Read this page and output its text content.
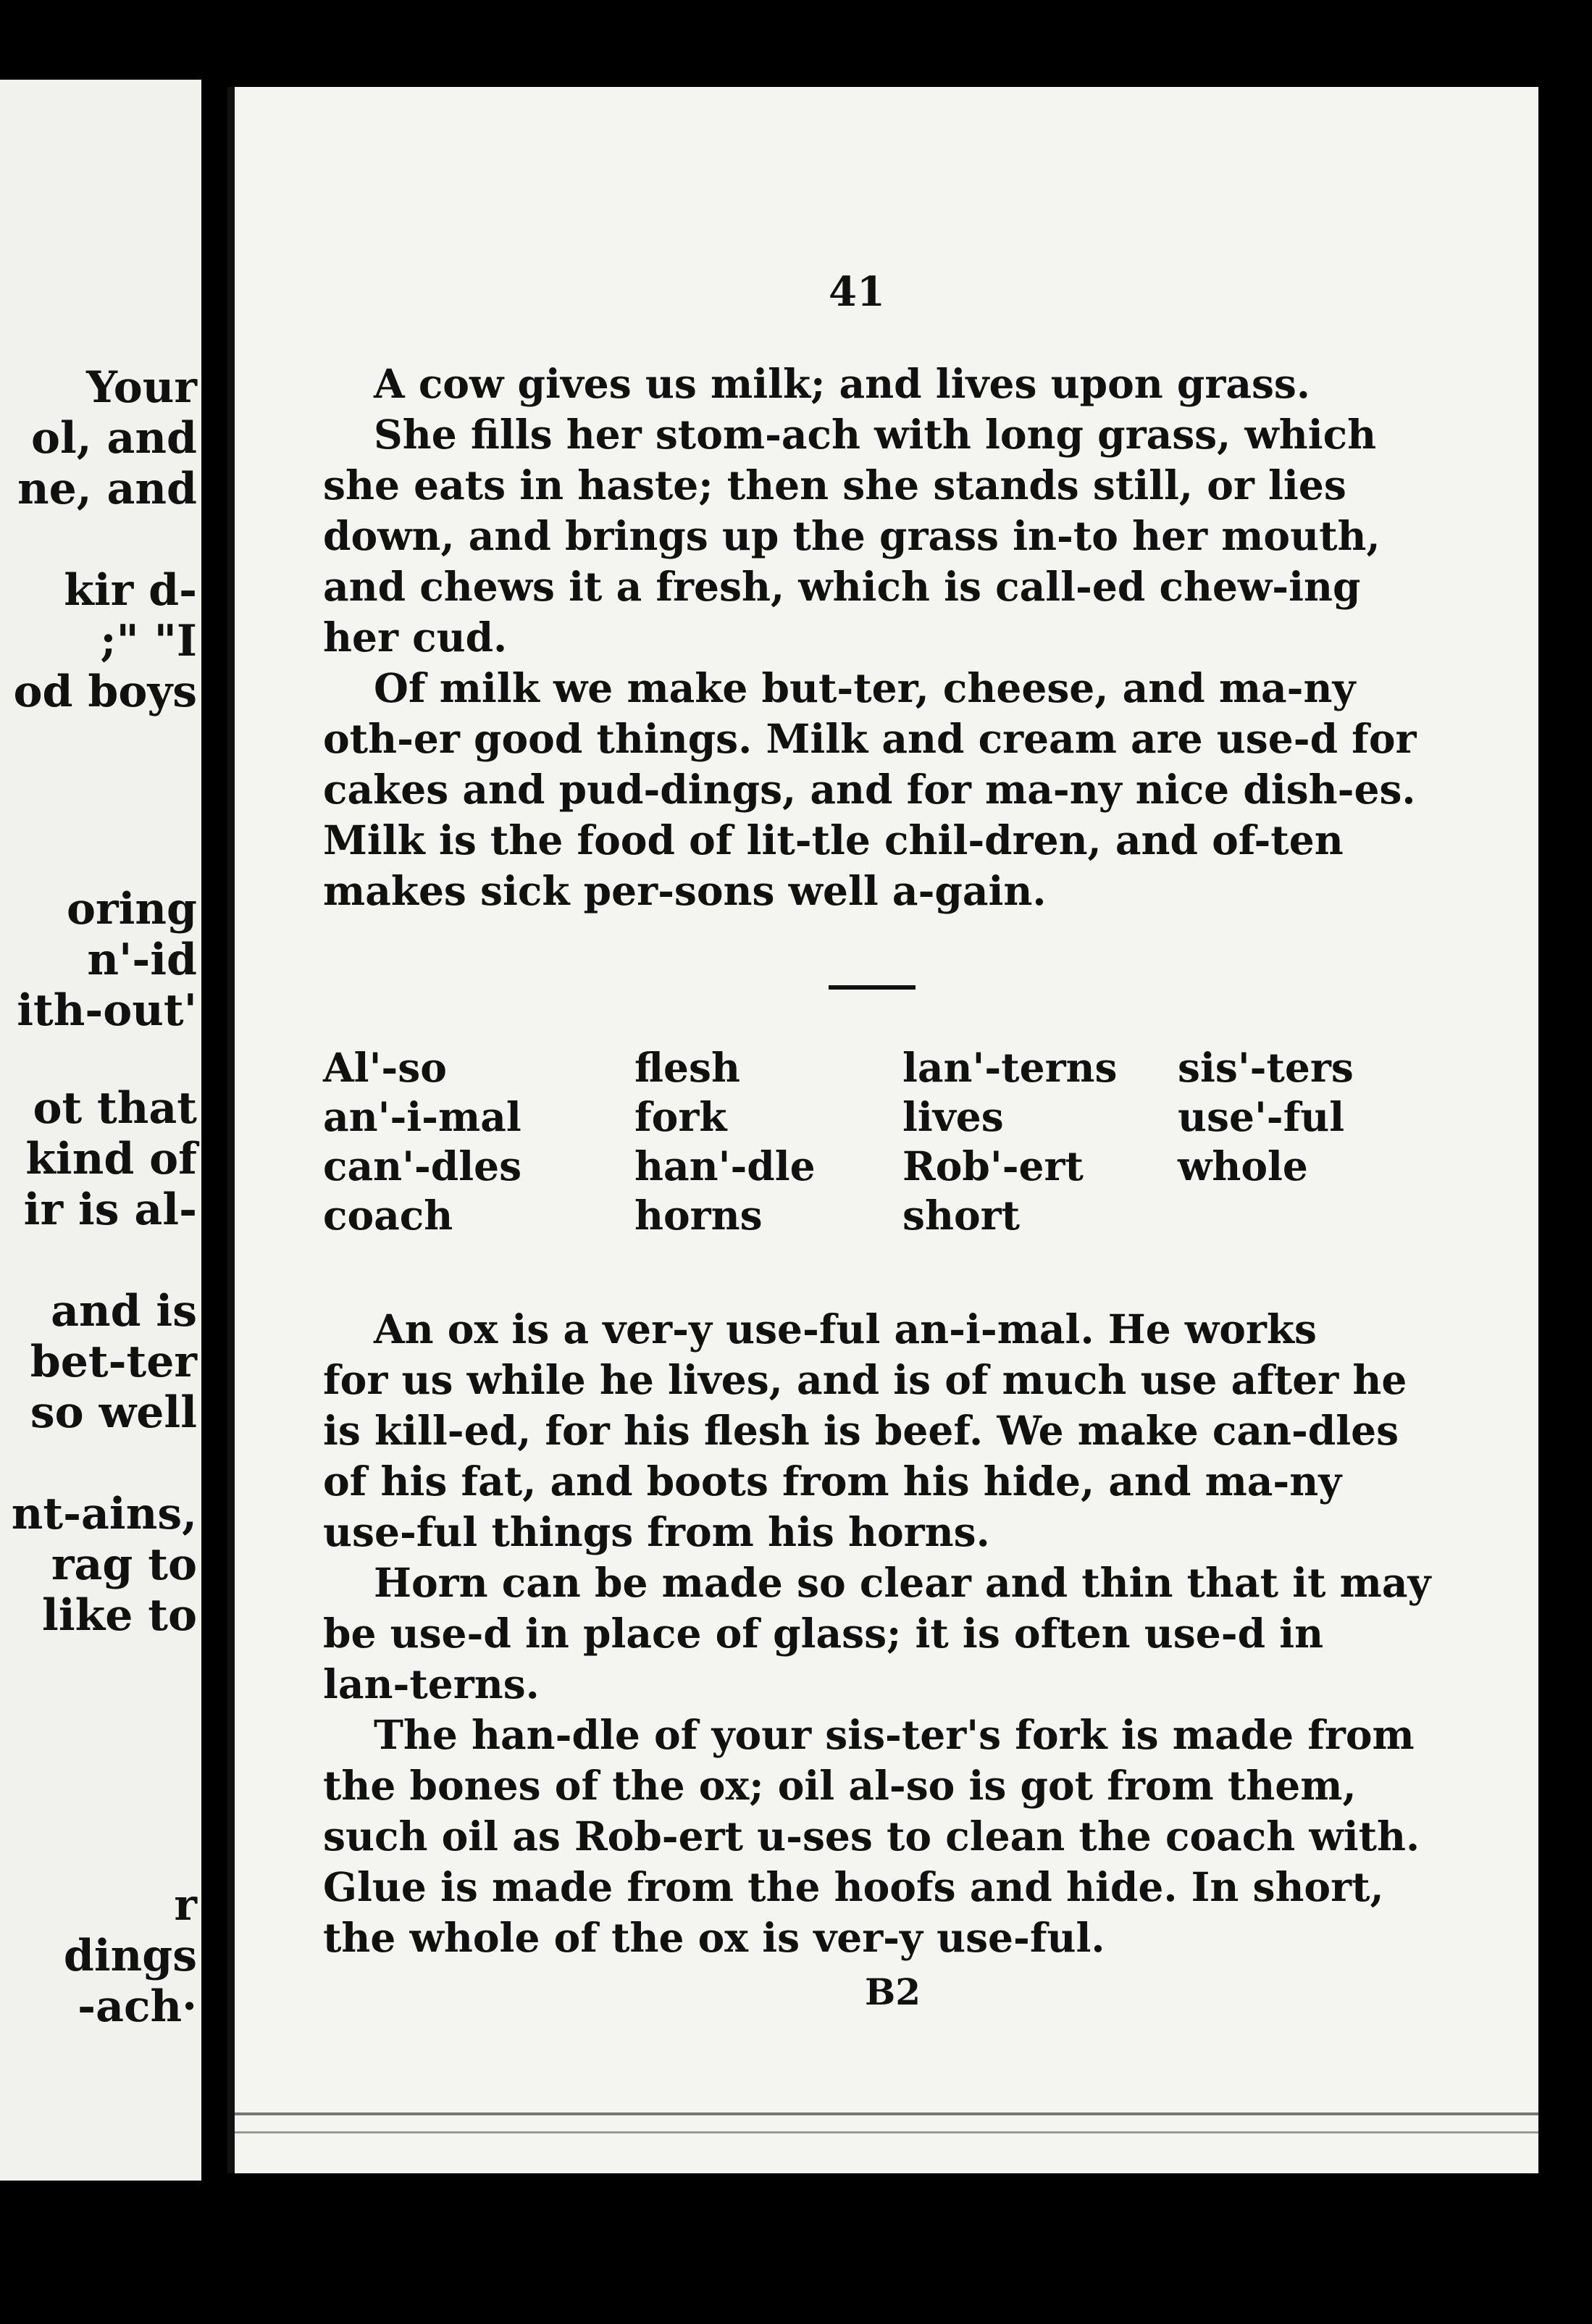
Your
ol, and
ne, and
kir d-
;" "I
od boys
oring
n'-id
ith-out'
ot that
kind of
ir is al-
and is
bet-ter
so well
nt-ains,
rag to
like to
r
dings
-ach·
41
A cow gives us milk; and lives upon grass.
She fills her stom-ach with long grass, which
she eats in haste; then she stands still, or lies
down, and brings up the grass in-to her mouth,
and chews it a fresh, which is call-ed chew-ing
her cud.
Of milk we make but-ter, cheese, and ma-ny
oth-er good things. Milk and cream are use-d for
cakes and pud-dings, and for ma-ny nice dish-es.
Milk is the food of lit-tle chil-dren, and of-ten
makes sick per-sons well a-gain.
Al'-so	flesh	lan'-terns	sis'-ters
an'-i-mal	fork	lives	use'-ful
can'-dles	han'-dle	Rob'-ert	whole
coach	horns	short
An ox is a ver-y use-ful an-i-mal. He works
for us while he lives, and is of much use after he
is kill-ed, for his flesh is beef. We make can-dles
of his fat, and boots from his hide, and ma-ny
use-ful things from his horns.
Horn can be made so clear and thin that it may
be use-d in place of glass; it is often use-d in
lan-terns.
The han-dle of your sis-ter's fork is made from
the bones of the ox; oil al-so is got from them,
such oil as Rob-ert u-ses to clean the coach with.
Glue is made from the hoofs and hide. In short,
the whole of the ox is ver-y use-ful.
B2
